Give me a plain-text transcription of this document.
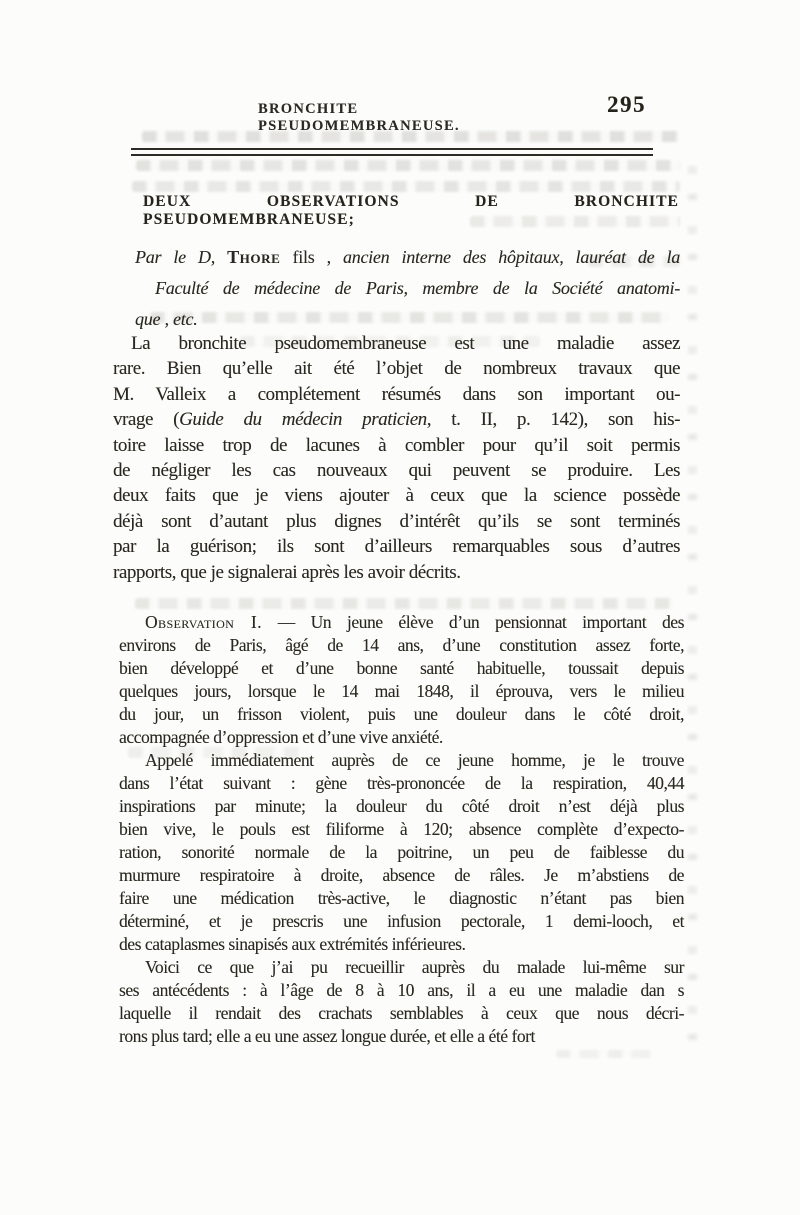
BRONCHITE PSEUDOMEMBRANEUSE.
295
DEUX OBSERVATIONS DE BRONCHITE PSEUDOMEMBRANEUSE;
Par le D, Thore fils , ancien interne des hôpitaux, lauréat de la
Faculté de médecine de Paris, membre de la Société anatomi-
que , etc.
La bronchite pseudomembraneuse est une maladie assez
rare. Bien qu’elle ait été l’objet de nombreux travaux que
M. Valleix a complétement résumés dans son important ou-
vrage (Guide du médecin praticien, t. II, p. 142), son his-
toire laisse trop de lacunes à combler pour qu’il soit permis
de négliger les cas nouveaux qui peuvent se produire. Les
deux faits que je viens ajouter à ceux que la science possède
déjà sont d’autant plus dignes d’intérêt qu’ils se sont terminés
par la guérison; ils sont d’ailleurs remarquables sous d’autres
rapports, que je signalerai après les avoir décrits.
Observation I. — Un jeune élève d’un pensionnat important des
environs de Paris, âgé de 14 ans, d’une constitution assez forte,
bien développé et d’une bonne santé habituelle, toussait depuis
quelques jours, lorsque le 14 mai 1848, il éprouva, vers le milieu
du jour, un frisson violent, puis une douleur dans le côté droit,
accompagnée d’oppression et d’une vive anxiété.
Appelé immédiatement auprès de ce jeune homme, je le trouve
dans l’état suivant : gène très-prononcée de la respiration, 40,44
inspirations par minute; la douleur du côté droit n’est déjà plus
bien vive, le pouls est filiforme à 120; absence complète d’expecto-
ration, sonorité normale de la poitrine, un peu de faiblesse du
murmure respiratoire à droite, absence de râles. Je m’abstiens de
faire une médication très-active, le diagnostic n’étant pas bien
déterminé, et je prescris une infusion pectorale, 1 demi-looch, et
des cataplasmes sinapisés aux extrémités inférieures.
Voici ce que j’ai pu recueillir auprès du malade lui-même sur
ses antécédents : à l’âge de 8 à 10 ans, il a eu une maladie dan s
laquelle il rendait des crachats semblables à ceux que nous décri-
rons plus tard; elle a eu une assez longue durée, et elle a été fort
